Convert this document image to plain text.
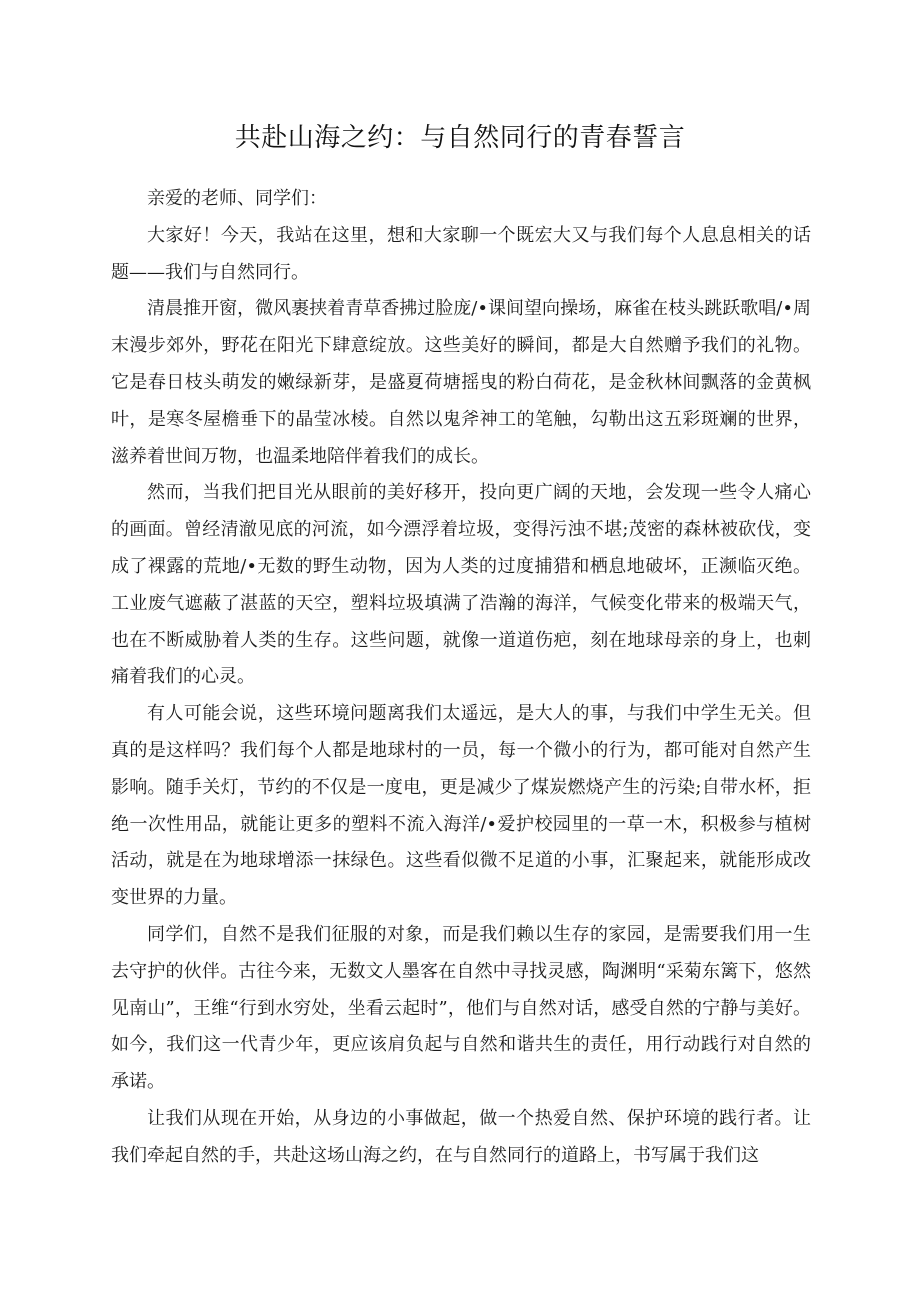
共赴山海之约：与自然同行的青春誓言

亲爱的老师、同学们：

大家好！今天，我站在这里，想和大家聊一个既宏大又与我们每个人息息相关的话题——我们与自然同行。

清晨推开窗，微风裹挟着青草香拂过脸庞/•课间望向操场，麻雀在枝头跳跃歌唱/•周末漫步郊外，野花在阳光下肆意绽放。这些美好的瞬间，都是大自然赠予我们的礼物。它是春日枝头萌发的嫩绿新芽，是盛夏荷塘摇曳的粉白荷花，是金秋林间飘落的金黄枫叶，是寒冬屋檐垂下的晶莹冰棱。自然以鬼斧神工的笔触，勾勒出这五彩斑斓的世界，滋养着世间万物，也温柔地陪伴着我们的成长。

然而，当我们把目光从眼前的美好移开，投向更广阔的天地，会发现一些令人痛心的画面。曾经清澈见底的河流，如今漂浮着垃圾，变得污浊不堪;茂密的森林被砍伐，变成了裸露的荒地/•无数的野生动物，因为人类的过度捕猎和栖息地破坏，正濒临灭绝。工业废气遮蔽了湛蓝的天空，塑料垃圾填满了浩瀚的海洋，气候变化带来的极端天气，也在不断威胁着人类的生存。这些问题，就像一道道伤疤，刻在地球母亲的身上，也刺痛着我们的心灵。

有人可能会说，这些环境问题离我们太遥远，是大人的事，与我们中学生无关。但真的是这样吗？我们每个人都是地球村的一员，每一个微小的行为，都可能对自然产生影响。随手关灯，节约的不仅是一度电，更是减少了煤炭燃烧产生的污染;自带水杯，拒绝一次性用品，就能让更多的塑料不流入海洋/•爱护校园里的一草一木，积极参与植树活动，就是在为地球增添一抹绿色。这些看似微不足道的小事，汇聚起来，就能形成改变世界的力量。

同学们，自然不是我们征服的对象，而是我们赖以生存的家园，是需要我们用一生去守护的伙伴。古往今来，无数文人墨客在自然中寻找灵感，陶渊明“采菊东篱下，悠然见南山”，王维“行到水穷处，坐看云起时”，他们与自然对话，感受自然的宁静与美好。如今，我们这一代青少年，更应该肩负起与自然和谐共生的责任，用行动践行对自然的承诺。

让我们从现在开始，从身边的小事做起，做一个热爱自然、保护环境的践行者。让我们牵起自然的手，共赴这场山海之约，在与自然同行的道路上，书写属于我们这
